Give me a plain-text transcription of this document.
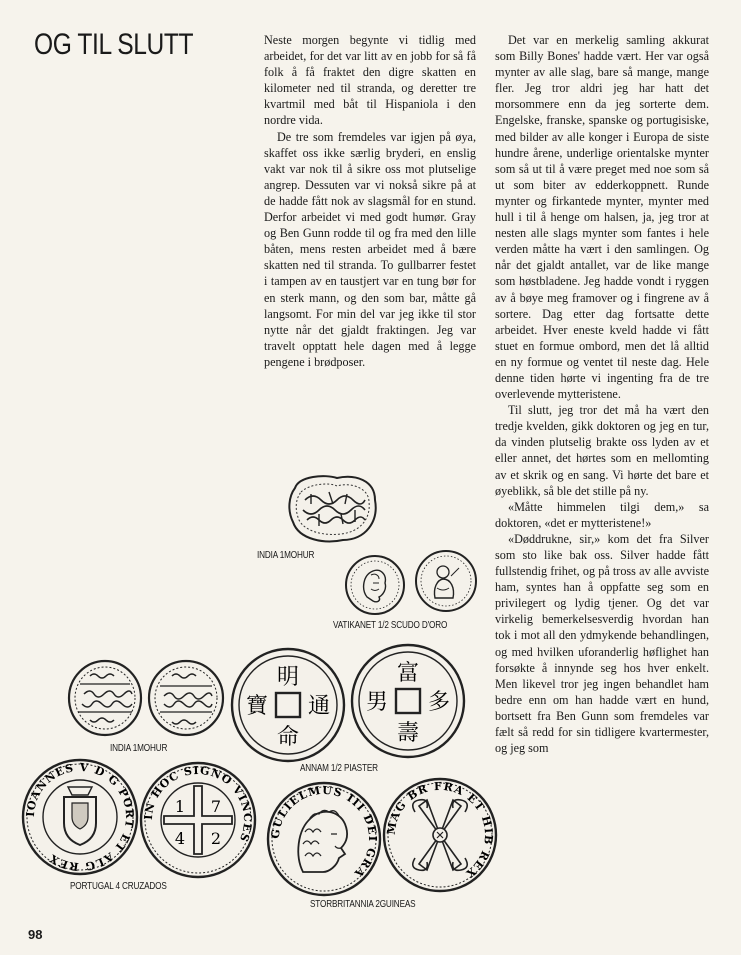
OG TIL SLUTT	Neste morgen begynte vi tidlig med arbeidet, for det var litt av en jobb for så få folk å få fraktet den digre skatten en kilometer ned til stranda, og deretter tre kvartmil med båt til Hispaniola i den nordre vida.

De tre som fremdeles var igjen på øya, skaffet oss ikke særlig bryderi, en enslig vakt var nok til å sikre oss mot plutselige angrep. Dessuten var vi nokså sikre på at de hadde fått nok av slagsmål for en stund. Derfor arbeidet vi med godt humør. Gray og Ben Gunn rodde til og fra med den lille båten, mens resten arbeidet med å bære skatten ned til stranda. To gullbarrer festet i tampen av en taustjert var en tung bør for en sterk mann, og den som bar, måtte gå langsomt. For min del var jeg ikke til stor nytte når det gjaldt fraktingen. Jeg var travelt opptatt hele dagen med å legge pengene i brødposer.

Det var en merkelig samling akkurat som Billy Bones' hadde vært. Her var også mynter av alle slag, bare så mange, mange fler. Jeg tror aldri jeg har hatt det morsommere enn da jeg sorterte dem. Engelske, franske, spanske og portugisiske, med bilder av alle konger i Europa de siste hundre årene, underlige orientalske mynter som så ut til å være preget med noe som så ut som biter av edderkoppnett. Runde mynter og firkantede mynter, mynter med hull i til å henge om halsen, ja, jeg tror at nesten alle slags mynter som fantes i hele verden måtte ha vært i den samlingen. Og når det gjaldt antallet, var de like mange som høstbladene. Jeg hadde vondt i ryggen av å bøye meg framover og i fingrene av å sortere. Dag etter dag fortsatte dette arbeidet. Hver eneste kveld hadde vi fått stuet en formue ombord, men det lå alltid en ny formue og ventet til neste dag. Hele denne tiden hørte vi ingenting fra de tre overlevende mytteristene.

Til slutt, jeg tror det må ha vært den tredje kvelden, gikk doktoren og jeg en tur, da vinden plutselig brakte oss lyden av et eller annet, det hørtes som en mellomting av et skrik og en sang. Vi hørte det bare et øyeblikk, så ble det stille på ny.

«Måtte himmelen tilgi dem,» sa doktoren, «det er mytteristene!»

«Døddrukne, sir,» kom det fra Silver som sto like bak oss. Silver hadde fått fullstendig frihet, og på tross av alle avviste ham, syntes han å oppfatte seg som en privilegert og lydig tjener. Og det var virkelig bemerkelsesverdig hvordan han tok i mot all den ydmykende behandlingen, og med hvilken uforanderlig høflighet han forsøkte å innynde seg hos hver enkelt. Men likevel tror jeg ingen behandlet ham bedre enn om han hadde vært en hund, bortsett fra Ben Gunn som fremdeles var fælt så redd for sin tidligere kvartermester, og jeg som

INDIA 1MOHUR
VATIKANET 1/2 SCUDO D'ORO
INDIA 1MOHUR
明
寶 通
命
富
男 多
壽
ANNAM 1/2 PIASTER
IOANNES V D G PORT ET ALG REX
IN HOC SIGNO VINCES
1 7
4 2
PORTUGAL 4 CRUZADOS
GULIELMUS III DEI GRA
MAG BR FRA ET HIB REX
STORBRITANNIA 2GUINEAS
98
